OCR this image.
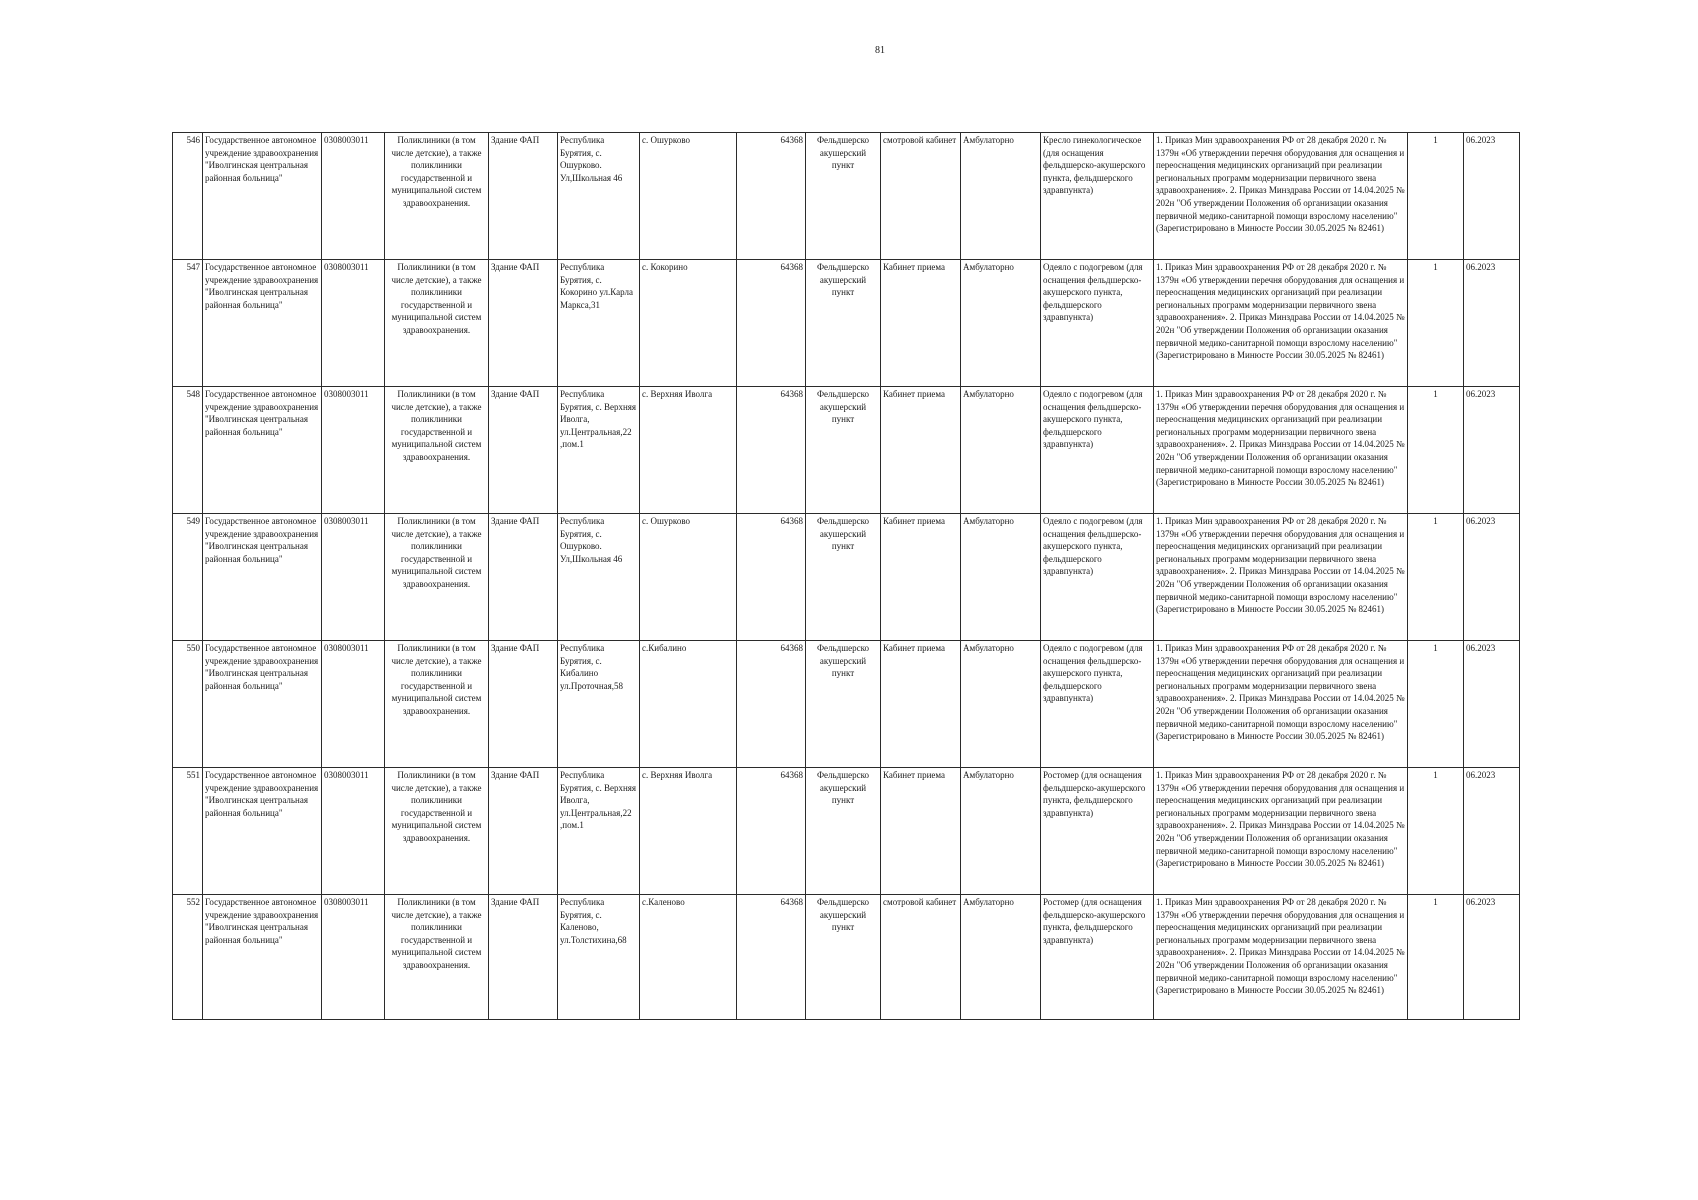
81
546	Государственное автономное учреждение здравоохранения "Иволгинская центральная районная больница"	0308003011	Поликлиники (в том числе детские), а также поликлиники государственной и муниципальной систем здравоохранения.	Здание ФАП	Республика Бурятия, с. Ошурково. Ул,Школьная 46	с. Ошурково	64368	Фельдшерско акушерский пункт	смотровой кабинет	Амбулаторно	Кресло гинекологическое (для оснащения фельдшерско-акушерского пункта, фельдшерского здравпункта)	1. Приказ Мин здравоохранения РФ от 28 декабря 2020 г. № 1379н «Об утверждении перечня оборудования для оснащения и переоснащения медицинских организаций при реализации региональных программ модернизации первичного звена здравоохранения». 2. Приказ Минздрава России от 14.04.2025 № 202н "Об утверждении Положения об организации оказания первичной медико-санитарной помощи взрослому населению" (Зарегистрировано в Минюсте России 30.05.2025 № 82461)	1	06.2023
547	Государственное автономное учреждение здравоохранения "Иволгинская центральная районная больница"	0308003011	Поликлиники (в том числе детские), а также поликлиники государственной и муниципальной систем здравоохранения.	Здание ФАП	Республика Бурятия, с. Кокорино ул.Карла Маркса,31	с. Кокорино	64368	Фельдшерско акушерский пункт	Кабинет приема	Амбулаторно	Одеяло с подогревом (для оснащения фельдшерско-акушерского пункта, фельдшерского здравпункта)	1. Приказ Мин здравоохранения РФ от 28 декабря 2020 г. № 1379н «Об утверждении перечня оборудования для оснащения и переоснащения медицинских организаций при реализации региональных программ модернизации первичного звена здравоохранения». 2. Приказ Минздрава России от 14.04.2025 № 202н "Об утверждении Положения об организации оказания первичной медико-санитарной помощи взрослому населению" (Зарегистрировано в Минюсте России 30.05.2025 № 82461)	1	06.2023
548	Государственное автономное учреждение здравоохранения "Иволгинская центральная районная больница"	0308003011	Поликлиники (в том числе детские), а также поликлиники государственной и муниципальной систем здравоохранения.	Здание ФАП	Республика Бурятия, с. Верхняя Иволга, ул.Центральная,22 ,пом.1	с. Верхняя Иволга	64368	Фельдшерско акушерский пункт	Кабинет приема	Амбулаторно	Одеяло с подогревом (для оснащения фельдшерско-акушерского пункта, фельдшерского здравпункта)	1. Приказ Мин здравоохранения РФ от 28 декабря 2020 г. № 1379н «Об утверждении перечня оборудования для оснащения и переоснащения медицинских организаций при реализации региональных программ модернизации первичного звена здравоохранения». 2. Приказ Минздрава России от 14.04.2025 № 202н "Об утверждении Положения об организации оказания первичной медико-санитарной помощи взрослому населению" (Зарегистрировано в Минюсте России 30.05.2025 № 82461)	1	06.2023
549	Государственное автономное учреждение здравоохранения "Иволгинская центральная районная больница"	0308003011	Поликлиники (в том числе детские), а также поликлиники государственной и муниципальной систем здравоохранения.	Здание ФАП	Республика Бурятия, с. Ошурково. Ул,Школьная 46	с. Ошурково	64368	Фельдшерско акушерский пункт	Кабинет приема	Амбулаторно	Одеяло с подогревом (для оснащения фельдшерско-акушерского пункта, фельдшерского здравпункта)	1. Приказ Мин здравоохранения РФ от 28 декабря 2020 г. № 1379н «Об утверждении перечня оборудования для оснащения и переоснащения медицинских организаций при реализации региональных программ модернизации первичного звена здравоохранения». 2. Приказ Минздрава России от 14.04.2025 № 202н "Об утверждении Положения об организации оказания первичной медико-санитарной помощи взрослому населению" (Зарегистрировано в Минюсте России 30.05.2025 № 82461)	1	06.2023
550	Государственное автономное учреждение здравоохранения "Иволгинская центральная районная больница"	0308003011	Поликлиники (в том числе детские), а также поликлиники государственной и муниципальной систем здравоохранения.	Здание ФАП	Республика Бурятия, с. Кибалино ул.Проточная,58	с.Кибалино	64368	Фельдшерско акушерский пункт	Кабинет приема	Амбулаторно	Одеяло с подогревом (для оснащения фельдшерско-акушерского пункта, фельдшерского здравпункта)	1. Приказ Мин здравоохранения РФ от 28 декабря 2020 г. № 1379н «Об утверждении перечня оборудования для оснащения и переоснащения медицинских организаций при реализации региональных программ модернизации первичного звена здравоохранения». 2. Приказ Минздрава России от 14.04.2025 № 202н "Об утверждении Положения об организации оказания первичной медико-санитарной помощи взрослому населению" (Зарегистрировано в Минюсте России 30.05.2025 № 82461)	1	06.2023
551	Государственное автономное учреждение здравоохранения "Иволгинская центральная районная больница"	0308003011	Поликлиники (в том числе детские), а также поликлиники государственной и муниципальной систем здравоохранения.	Здание ФАП	Республика Бурятия, с. Верхняя Иволга, ул.Центральная,22 ,пом.1	с. Верхняя Иволга	64368	Фельдшерско акушерский пункт	Кабинет приема	Амбулаторно	Ростомер (для оснащения фельдшерско-акушерского пункта, фельдшерского здравпункта)	1. Приказ Мин здравоохранения РФ от 28 декабря 2020 г. № 1379н «Об утверждении перечня оборудования для оснащения и переоснащения медицинских организаций при реализации региональных программ модернизации первичного звена здравоохранения». 2. Приказ Минздрава России от 14.04.2025 № 202н "Об утверждении Положения об организации оказания первичной медико-санитарной помощи взрослому населению" (Зарегистрировано в Минюсте России 30.05.2025 № 82461)	1	06.2023
552	Государственное автономное учреждение здравоохранения "Иволгинская центральная районная больница"	0308003011	Поликлиники (в том числе детские), а также поликлиники государственной и муниципальной систем здравоохранения.	Здание ФАП	Республика Бурятия, с. Каленово, ул.Толстихина,68	с.Каленово	64368	Фельдшерско акушерский пункт	смотровой кабинет	Амбулаторно	Ростомер (для оснащения фельдшерско-акушерского пункта, фельдшерского здравпункта)	1. Приказ Мин здравоохранения РФ от 28 декабря 2020 г. № 1379н «Об утверждении перечня оборудования для оснащения и переоснащения медицинских организаций при реализации региональных программ модернизации первичного звена здравоохранения». 2. Приказ Минздрава России от 14.04.2025 № 202н "Об утверждении Положения об организации оказания первичной медико-санитарной помощи взрослому населению" (Зарегистрировано в Минюсте России 30.05.2025 № 82461)	1	06.2023
